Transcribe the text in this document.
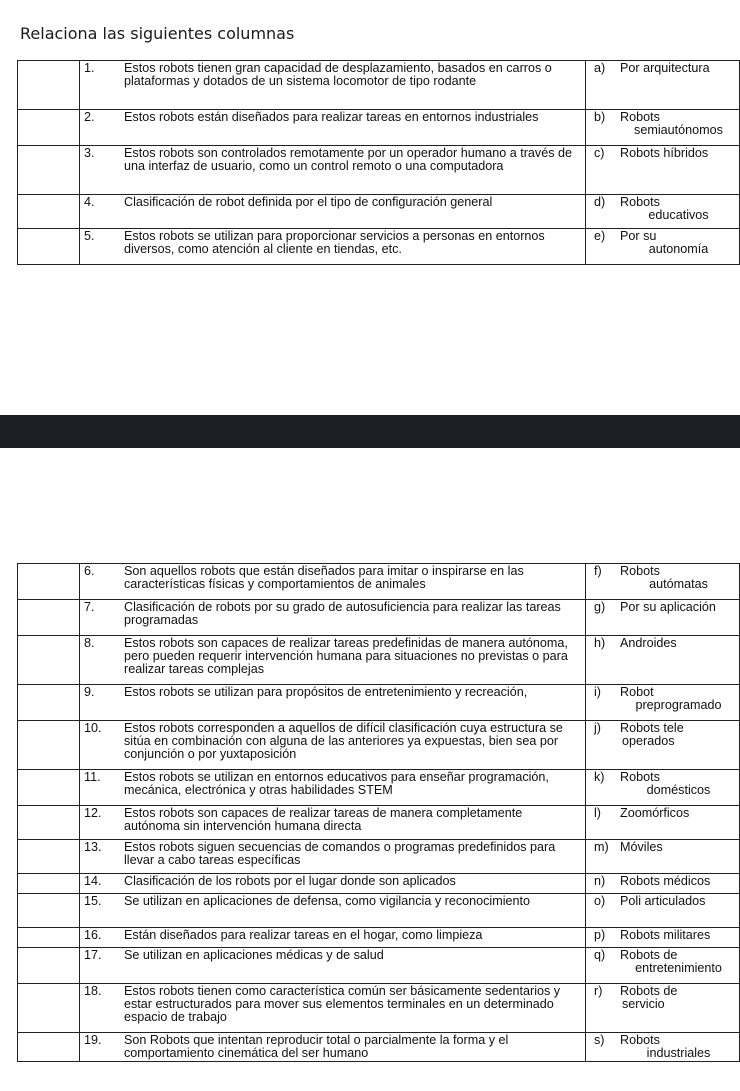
Relaciona las siguientes columnas

	1. Estos robots tienen gran capacidad de desplazamiento, basados en carros o plataformas y dotados de un sistema locomotor de tipo rodante	a) Por arquitectura

	2. Estos robots están diseñados para realizar tareas en entornos industriales	b) Robots
semiautónomos

	3. Estos robots son controlados remotamente por un operador humano a través de una interfaz de usuario, como un control remoto o una computadora	c) Robots híbridos

	4. Clasificación de robot definida por el tipo de configuración general	d) Robots
educativos

	5. Estos robots se utilizan para proporcionar servicios a personas en entornos diversos, como atención al cliente en tiendas, etc.	e) Por su
autonomía

	6. Son aquellos robots que están diseñados para imitar o inspirarse en las características físicas y comportamientos de animales	f) Robots
autómatas

	7. Clasificación de robots por su grado de autosuficiencia para realizar las tareas programadas	g) Por su aplicación

	8. Estos robots son capaces de realizar tareas predefinidas de manera autónoma, pero pueden requerir intervención humana para situaciones no previstas o para realizar tareas complejas	h) Androides

	9. Estos robots se utilizan para propósitos de entretenimiento y recreación,	i) Robot
preprogramado

	10. Estos robots corresponden a aquellos de difícil clasificación cuya estructura se sitúa en combinación con alguna de las anteriores ya expuestas, bien sea por conjunción o por yuxtaposición	j) Robots tele
operados

	11. Estos robots se utilizan en entornos educativos para enseñar programación, mecánica, electrónica y otras habilidades STEM	k) Robots
domésticos

	12. Estos robots son capaces de realizar tareas de manera completamente autónoma sin intervención humana directa	l) Zoomórficos

	13. Estos robots siguen secuencias de comandos o programas predefinidos para llevar a cabo tareas específicas	m) Móviles

	14. Clasificación de los robots por el lugar donde son aplicados	n) Robots médicos

	15. Se utilizan en aplicaciones de defensa, como vigilancia y reconocimiento	o) Poli articulados

	16. Están diseñados para realizar tareas en el hogar, como limpieza	p) Robots militares

	17. Se utilizan en aplicaciones médicas y de salud	q) Robots de
entretenimiento

	18. Estos robots tienen como característica común ser básicamente sedentarios y estar estructurados para mover sus elementos terminales en un determinado espacio de trabajo	r) Robots de
servicio

	19. Son Robots que intentan reproducir total o parcialmente la forma y el comportamiento cinemática del ser humano	s) Robots
industriales
